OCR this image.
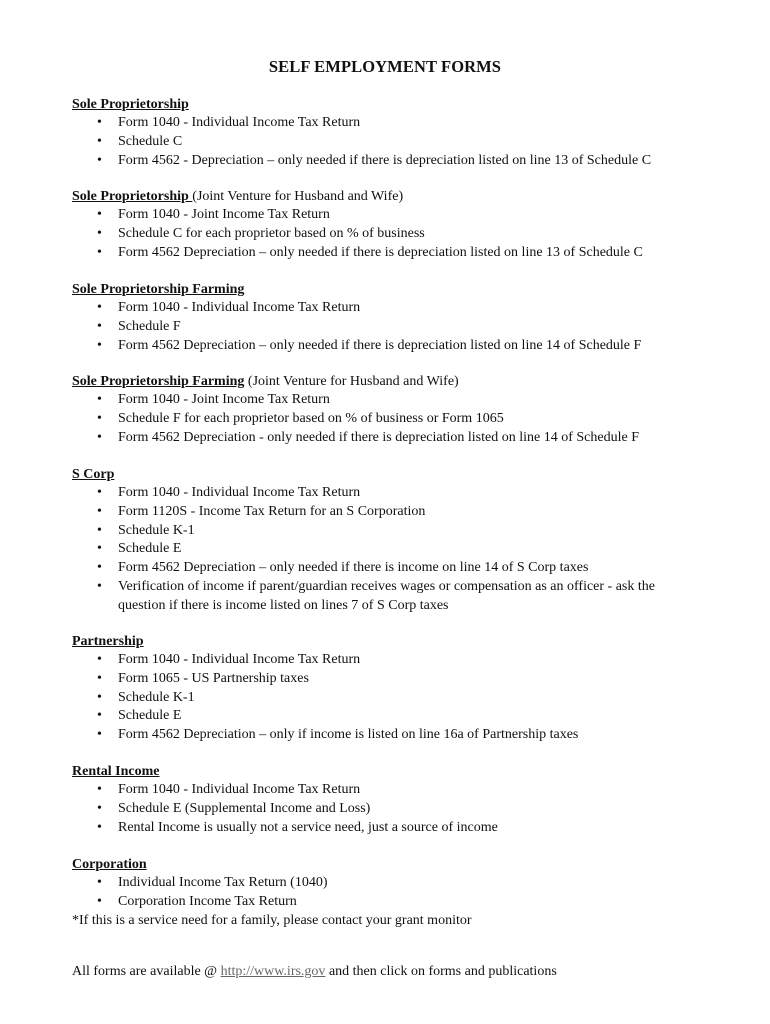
SELF EMPLOYMENT FORMS
Sole Proprietorship
• Form 1040 - Individual Income Tax Return
• Schedule C
• Form 4562 - Depreciation – only needed if there is depreciation listed on line 13 of Schedule C
Sole Proprietorship (Joint Venture for Husband and Wife)
• Form 1040 - Joint Income Tax Return
• Schedule C for each proprietor based on % of business
• Form 4562 Depreciation – only needed if there is depreciation listed on line 13 of Schedule C
Sole Proprietorship Farming
• Form 1040 - Individual Income Tax Return
• Schedule F
• Form 4562 Depreciation – only needed if there is depreciation listed on line 14 of Schedule F
Sole Proprietorship Farming (Joint Venture for Husband and Wife)
• Form 1040 - Joint Income Tax Return
• Schedule F for each proprietor based on % of business or Form 1065
• Form 4562 Depreciation - only needed if there is depreciation listed on line 14 of Schedule F
S Corp
• Form 1040 - Individual Income Tax Return
• Form 1120S - Income Tax Return for an S Corporation
• Schedule K-1
• Schedule E
• Form 4562 Depreciation – only needed if there is income on line 14 of S Corp taxes
• Verification of income if parent/guardian receives wages or compensation as an officer - ask the question if there is income listed on lines 7 of S Corp taxes
Partnership
• Form 1040 - Individual Income Tax Return
• Form 1065 - US Partnership taxes
• Schedule K-1
• Schedule E
• Form 4562 Depreciation – only if income is listed on line 16a of Partnership taxes
Rental Income
• Form 1040 - Individual Income Tax Return
• Schedule E (Supplemental Income and Loss)
• Rental Income is usually not a service need, just a source of income
Corporation
• Individual Income Tax Return (1040)
• Corporation Income Tax Return
*If this is a service need for a family, please contact your grant monitor
All forms are available @ http://www.irs.gov and then click on forms and publications
